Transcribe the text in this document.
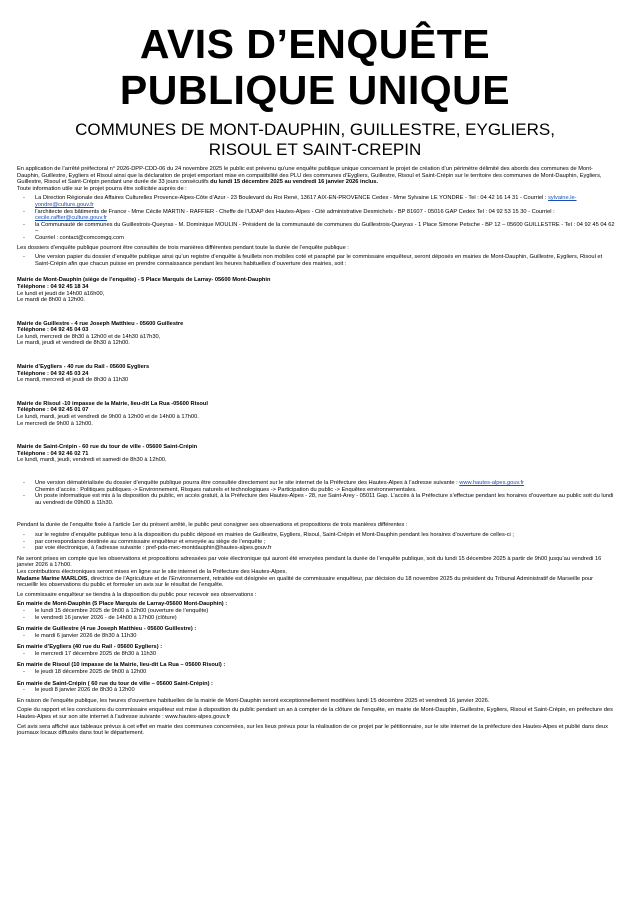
AVIS D’ENQUÊTE
PUBLIQUE UNIQUE
COMMUNES DE MONT-DAUPHIN, GUILLESTRE, EYGLIERS,
RISOUL ET SAINT-CREPIN

En application de l’arrêté préfectoral n° 2026-DPP-CDD-06 du 24 novembre 2025 le public est prévenu qu’une enquête publique unique concernant le projet de création d’un périmètre délimité des abords des communes de Mont-Dauphin, Guillestre, Eygliers et Risoul ainsi que la déclaration de projet emportant mise en compatibilité des PLU des communes d’Eygliers, Guillestre, Risoul et Saint-Crépin sur le territoire des communes de Mont-Dauphin, Eygliers, Guillestre, Risoul et Saint-Crépin pendant une durée de 33 jours consécutifs du lundi 15 décembre 2025 au vendredi 16 janvier 2026 inclus.

Toute information utile sur le projet pourra être sollicitée auprès de :

- La Direction Régionale des Affaires Culturelles Provence-Alpes-Côte d’Azur - 23 Boulevard du Roi René, 13617 AIX-EN-PROVENCE Cedex - Mme Sylvaine LE YONDRE - Tel : 04 42 16 14 31 - Courriel : sylvaine.le-yondre@culture.gouv.fr

- l’architecte des bâtiments de France - Mme Cécile MARTIN - RAFFIER - Cheffe de l’UDAP des Hautes-Alpes - Cité administrative Desmichels - BP 81607 - 05016 GAP Cedex Tel : 04 92 53 15 30 - Courriel : cecile.raffier@culture.gouv.fr

- la Communauté de communes du Guillestrois-Queyras - M. Dominique MOULIN - Président de la communauté de communes du Guillestrois-Queyras - 1 Place Simone Petsche - BP 12 – 05600 GUILLESTRE - Tel : 04 92 45 04 62 –

- Courriel : contact@comcomgq.com

Les dossiers d’enquête publique pourront être consultés de trois manières différentes pendant toute la durée de l’enquête publique :

- Une version papier du dossier d’enquête publique ainsi qu’un registre d’enquête à feuillets non mobiles coté et paraphé par le commissaire enquêteur, seront déposés en mairies de Mont-Dauphin, Guillestre, Eygliers, Risoul et Saint-Crépin afin que chacun puisse en prendre connaissance pendant les heures habituelles d’ouverture des mairies, soit :

Mairie de Mont-Dauphin (siège de l’enquête) - 5 Place Marquis de Larray- 05600 Mont-Dauphin

Téléphone : 04 92 45 18 34

Le lundi et jeudi de 14h00 à16h00,

Le mardi de 8h00 à 12h00.

Mairie de Guillestre - 4 rue Joseph Matthieu - 05600 Guillestre

Téléphone : 04 92 45 04 03

Le lundi, mercredi de 8h30 à 12h00 et de 14h30 à17h30,

Le mardi, jeudi et vendredi de 8h30 à 12h00.

Mairie d’Eygliers - 40 rue du Rail - 05600 Eygliers

Téléphone : 04 92 45 03 24

Le mardi, mercredi et jeudi de 8h30 à 11h30

Mairie de Risoul -10 impasse de la Mairie, lieu-dit La Rua -05600 Risoul

Téléphone : 04 92 45 01 07

Le lundi, mardi, jeudi et vendredi de 9h00 à 12h00 et de 14h00 à 17h00.

Le mercredi de 9h00 à 12h00.

Mairie de Saint-Crépin - 60 rue du tour de ville - 05600 Saint-Crépin

Téléphone : 04 92 46 02 71

Le lundi, mardi, jeudi, vendredi et samedi de 8h30 à 12h00.

- Une version dématérialisée du dossier d’enquête publique pourra être consultée directement sur le site internet de la Préfecture des Hautes-Alpes à l’adresse suivante : www.hautes-alpes.gouv.fr

Chemin d’accès : Politiques publiques -> Environnement, Risques naturels et technologiques -> Participation du public -> Enquêtes environnementales.

- Un poste informatique est mis à la disposition du public, en accès gratuit, à la Préfecture des Hautes-Alpes - 28, rue Saint-Arey - 05011 Gap. L’accès à la Préfecture s’effectue pendant les horaires d’ouverture au public soit du lundi au vendredi de 09h00 à 11h30.

Pendant la durée de l’enquête fixée à l’article 1er du présent arrêté, le public peut consigner ses observations et propositions de trois manières différentes :

- sur le registre d’enquête publique tenu à la disposition du public déposé en mairies de Guillestre, Eygliers, Risoul, Saint-Crépin et Mont-Dauphin pendant les horaires d’ouverture de celles-ci ;

- par correspondance destinée au commissaire enquêteur et envoyée au siège de l’enquête ;

- par voie électronique, à l’adresse suivante : pref-pda-mec-montdauphin@hautes-alpes.gouv.fr

Ne seront prises en compte que les observations et propositions adressées par voie électronique qui auront été envoyées pendant la durée de l’enquête publique, soit du lundi 15 décembre 2025 à partir de 9h00 jusqu’au vendredi 16 janvier 2026 à 17h00.

Les contributions électroniques seront mises en ligne sur le site internet de la Préfecture des Hautes-Alpes.

Madame Marine MARLOIS, directrice de l’Agriculture et de l’Environnement, retraitée est désignée en qualité de commissaire enquêteur, par décision du 18 novembre 2025 du président du Tribunal Administratif de Marseille pour recueillir les observations du public et formuler un avis sur le résultat de l’enquête.

Le commissaire enquêteur se tiendra à la disposition du public pour recevoir ses observations :

En mairie de Mont-Dauphin (5 Place Marquis de Larray-05600 Mont-Dauphin) :

- le lundi 15 décembre 2025 de 9h00 à 12h00 (ouverture de l’enquête)

- le vendredi 16 janvier 2026 - de 14h00 à 17h00 (clôture)

En mairie de Guillestre (4 rue Joseph Matthieu - 05600 Guillestre) :

- le mardi 6 janvier 2026 de 8h30 à 11h30

En mairie d’Eygliers (40 rue du Rail - 05600 Eygliers) :

- le mercredi 17 décembre 2025 de 8h30 à 11h30

En mairie de Risoul (10 impasse de la Mairie, lieu-dit La Rua – 05600 Risoul) :

- le jeudi 18 décembre 2025 de 9h00 à 12h00

En mairie de Saint-Crépin ( 60 rue du tour de ville – 05600 Saint-Crépin) :

- le jeudi 8 janvier 2026 de 8h30 à 12h00

En raison de l’enquête publique, les heures d’ouverture habituelles de la mairie de Mont-Dauphin seront exceptionnellement modifiées lundi 15 décembre 2025 et vendredi 16 janvier 2026.

Copie du rapport et les conclusions du commissaire enquêteur est mise à disposition du public pendant un an à compter de la clôture de l’enquête, en mairie de Mont-Dauphin, Guillestre, Eygliers, Risoul et Saint-Crépin, en préfecture des Hautes-Alpes et sur son site internet à l’adresse suivante : www.hautes-alpes.gouv.fr

Cet avis sera affiché aux tableaux prévus à cet effet en mairie des communes concernées, sur les lieux prévus pour la réalisation de ce projet par le pétitionnaire, sur le site internet de la préfecture des Hautes-Alpes et publié dans deux journaux locaux diffusés dans tout le département.
